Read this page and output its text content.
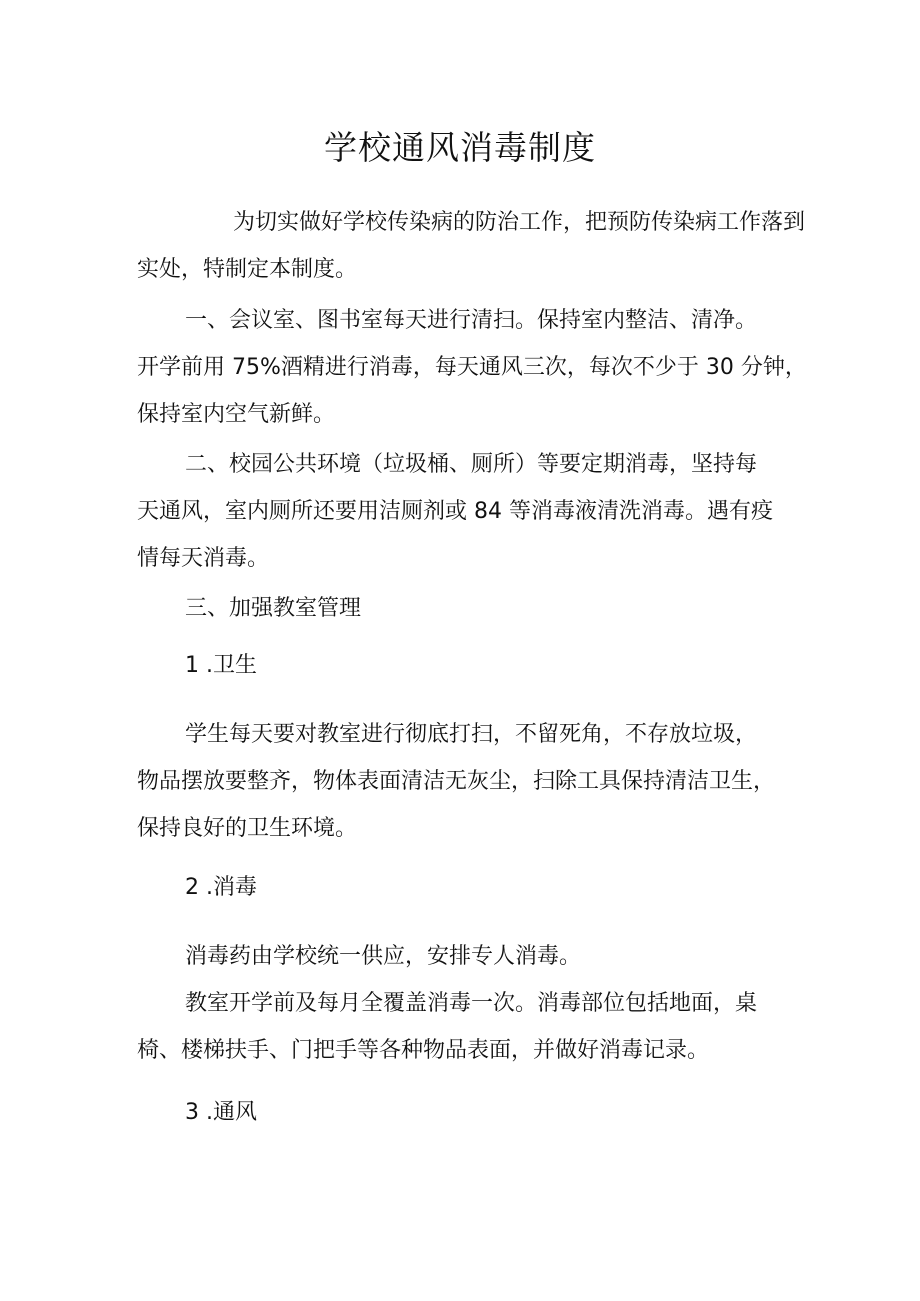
学校通风消毒制度
为切实做好学校传染病的防治工作，把预防传染病工作落到
实处，特制定本制度。
一、会议室、图书室每天进行清扫。保持室内整洁、清净。
开学前用 75%酒精进行消毒，每天通风三次，每次不少于 30 分钟，
保持室内空气新鲜。
二、校园公共环境（垃圾桶、厕所）等要定期消毒，坚持每
天通风，室内厕所还要用洁厕剂或 84 等消毒液清洗消毒。遇有疫
情每天消毒。
三、加强教室管理
1 .卫生
学生每天要对教室进行彻底打扫，不留死角，不存放垃圾，
物品摆放要整齐，物体表面清洁无灰尘，扫除工具保持清洁卫生，
保持良好的卫生环境。
2 .消毒
消毒药由学校统一供应，安排专人消毒。
教室开学前及每月全覆盖消毒一次。消毒部位包括地面，桌
椅、楼梯扶手、门把手等各种物品表面，并做好消毒记录。
3 .通风
